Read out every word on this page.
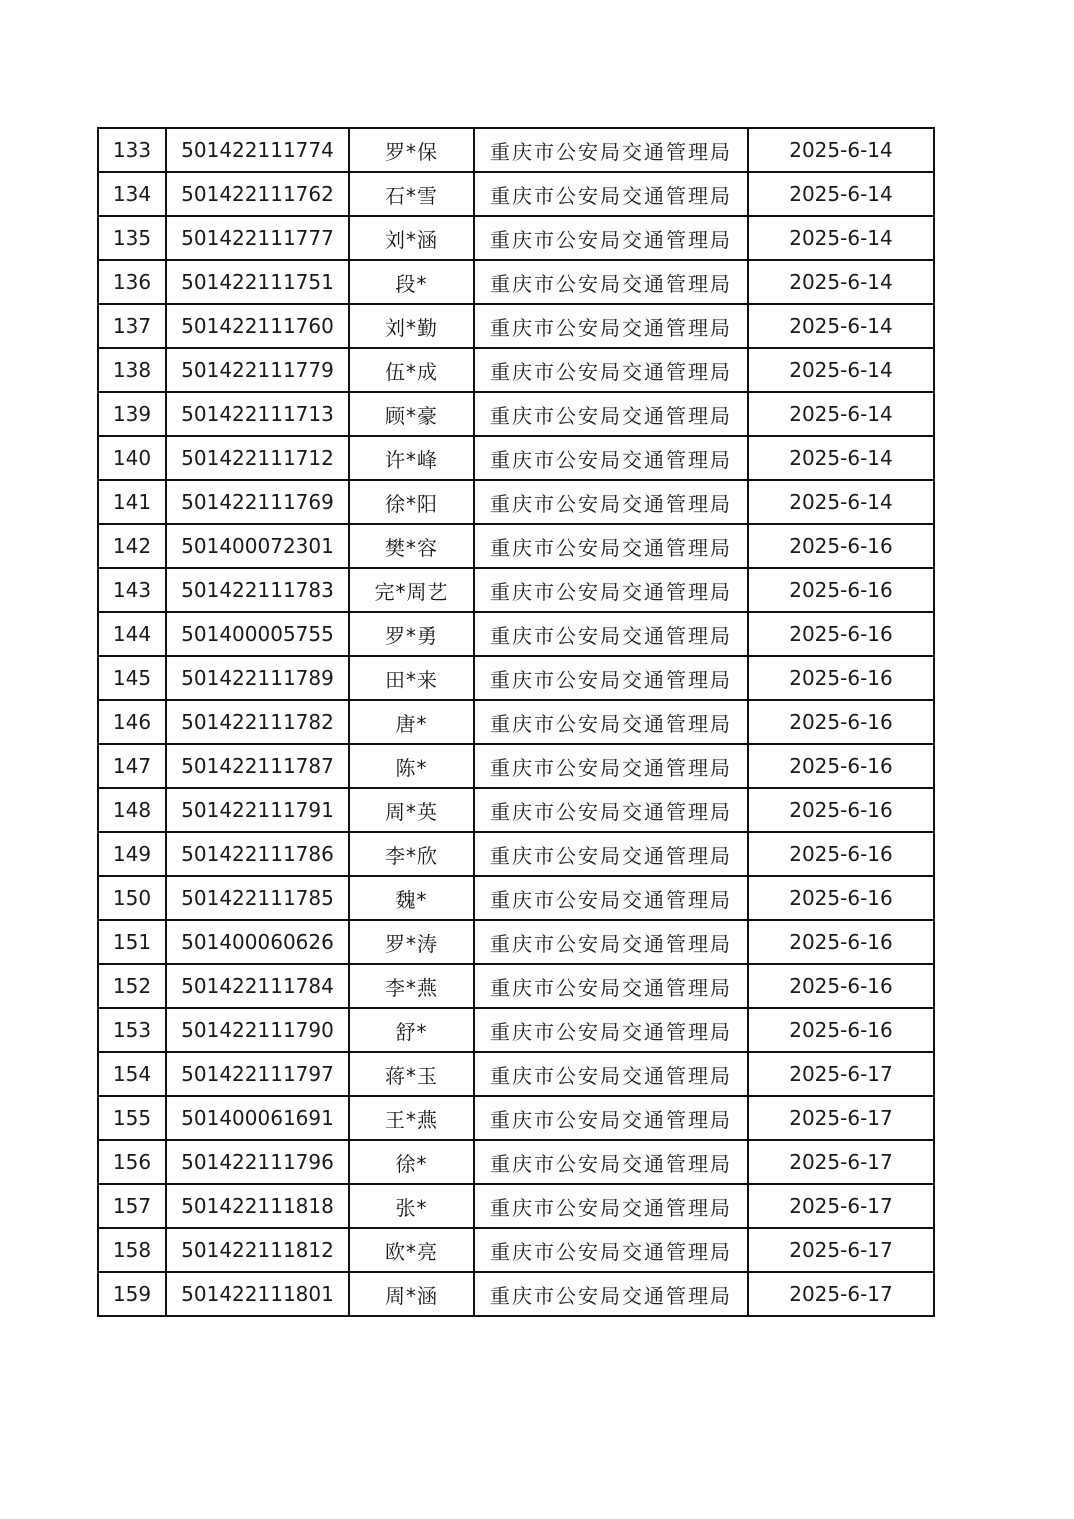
133	501422111774	罗*保	重庆市公安局交通管理局	2025-6-14
134	501422111762	石*雪	重庆市公安局交通管理局	2025-6-14
135	501422111777	刘*涵	重庆市公安局交通管理局	2025-6-14
136	501422111751	段*	重庆市公安局交通管理局	2025-6-14
137	501422111760	刘*勤	重庆市公安局交通管理局	2025-6-14
138	501422111779	伍*成	重庆市公安局交通管理局	2025-6-14
139	501422111713	顾*豪	重庆市公安局交通管理局	2025-6-14
140	501422111712	许*峰	重庆市公安局交通管理局	2025-6-14
141	501422111769	徐*阳	重庆市公安局交通管理局	2025-6-14
142	501400072301	樊*容	重庆市公安局交通管理局	2025-6-16
143	501422111783	完*周艺	重庆市公安局交通管理局	2025-6-16
144	501400005755	罗*勇	重庆市公安局交通管理局	2025-6-16
145	501422111789	田*来	重庆市公安局交通管理局	2025-6-16
146	501422111782	唐*	重庆市公安局交通管理局	2025-6-16
147	501422111787	陈*	重庆市公安局交通管理局	2025-6-16
148	501422111791	周*英	重庆市公安局交通管理局	2025-6-16
149	501422111786	李*欣	重庆市公安局交通管理局	2025-6-16
150	501422111785	魏*	重庆市公安局交通管理局	2025-6-16
151	501400060626	罗*涛	重庆市公安局交通管理局	2025-6-16
152	501422111784	李*燕	重庆市公安局交通管理局	2025-6-16
153	501422111790	舒*	重庆市公安局交通管理局	2025-6-16
154	501422111797	蒋*玉	重庆市公安局交通管理局	2025-6-17
155	501400061691	王*燕	重庆市公安局交通管理局	2025-6-17
156	501422111796	徐*	重庆市公安局交通管理局	2025-6-17
157	501422111818	张*	重庆市公安局交通管理局	2025-6-17
158	501422111812	欧*亮	重庆市公安局交通管理局	2025-6-17
159	501422111801	周*涵	重庆市公安局交通管理局	2025-6-17
